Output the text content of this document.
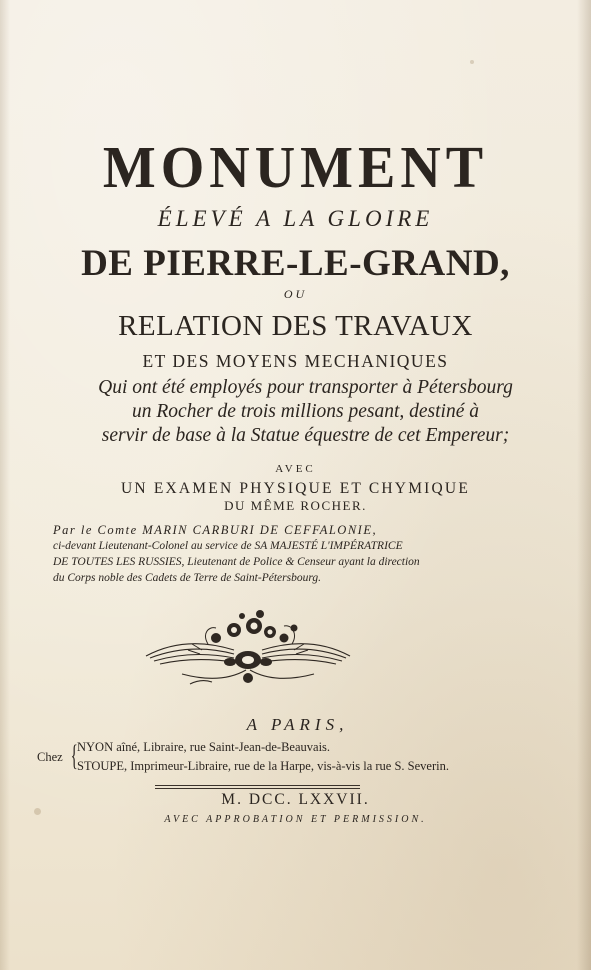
MONUMENT
ÉLEVÉ A LA GLOIRE
DE PIERRE-LE-GRAND,
OU
RELATION DES TRAVAUX
ET DES MOYENS MECHANIQUES
Qui ont été employés pour transporter à Pétersbourg
un Rocher de trois millions pesant, destiné à
servir de base à la Statue équestre de cet Empereur;
AVEC
UN EXAMEN PHYSIQUE ET CHYMIQUE
DU MÊME ROCHER.
Par le Comte MARIN CARBURI DE CEFFALONIE,
ci-devant Lieutenant-Colonel au service de SA MAJESTÉ L'IMPÉRATRICE
DE TOUTES LES RUSSIES, Lieutenant de Police & Censeur ayant la direction
du Corps noble des Cadets de Terre de Saint-Pétersbourg.
A PARIS,
Chez { NYON aîné, Libraire, rue Saint-Jean-de-Beauvais.
STOUPE, Imprimeur-Libraire, rue de la Harpe, vis-à-vis la rue S. Severin.
M. DCC. LXXVII.
AVEC APPROBATION ET PERMISSION.
